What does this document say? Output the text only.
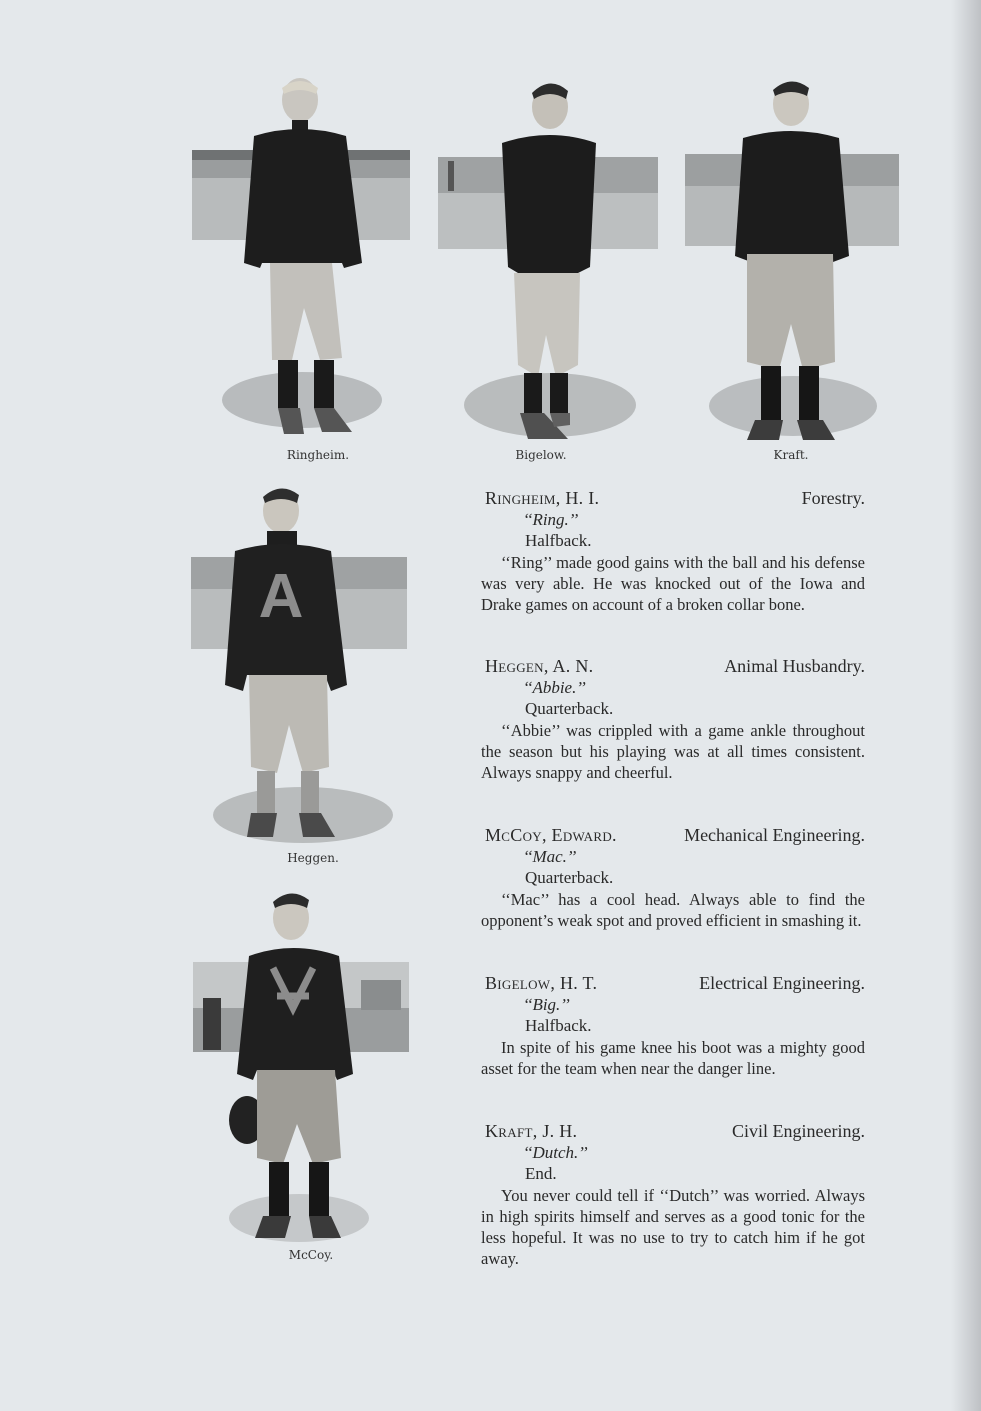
Ringheim.	Bigelow.	Kraft.
A
Heggen.
McCoy.
Ringheim, H. I.	Forestry.
‘‘Ring.’’
Halfback.

‘‘Ring’’ made good gains with the ball and his defense was very able. He was knocked out of the Iowa and Drake games on account of a broken collar bone.

Heggen, A. N.	Animal Husbandry.
‘‘Abbie.’’
Quarterback.

‘‘Abbie’’ was crippled with a game ankle throughout the season but his playing was at all times consistent. Always snappy and cheerful.

McCoy, Edward.	Mechanical Engineering.
‘‘Mac.’’
Quarterback.

‘‘Mac’’ has a cool head. Always able to find the opponent’s weak spot and proved efficient in smashing it.

Bigelow, H. T.	Electrical Engineering.
‘‘Big.’’
Halfback.

In spite of his game knee his boot was a mighty good asset for the team when near the danger line.

Kraft, J. H.	Civil Engineering.
‘‘Dutch.’’
End.

You never could tell if ‘‘Dutch’’ was worried. Always in high spirits himself and serves as a good tonic for the less hopeful. It was no use to try to catch him if he got away.
